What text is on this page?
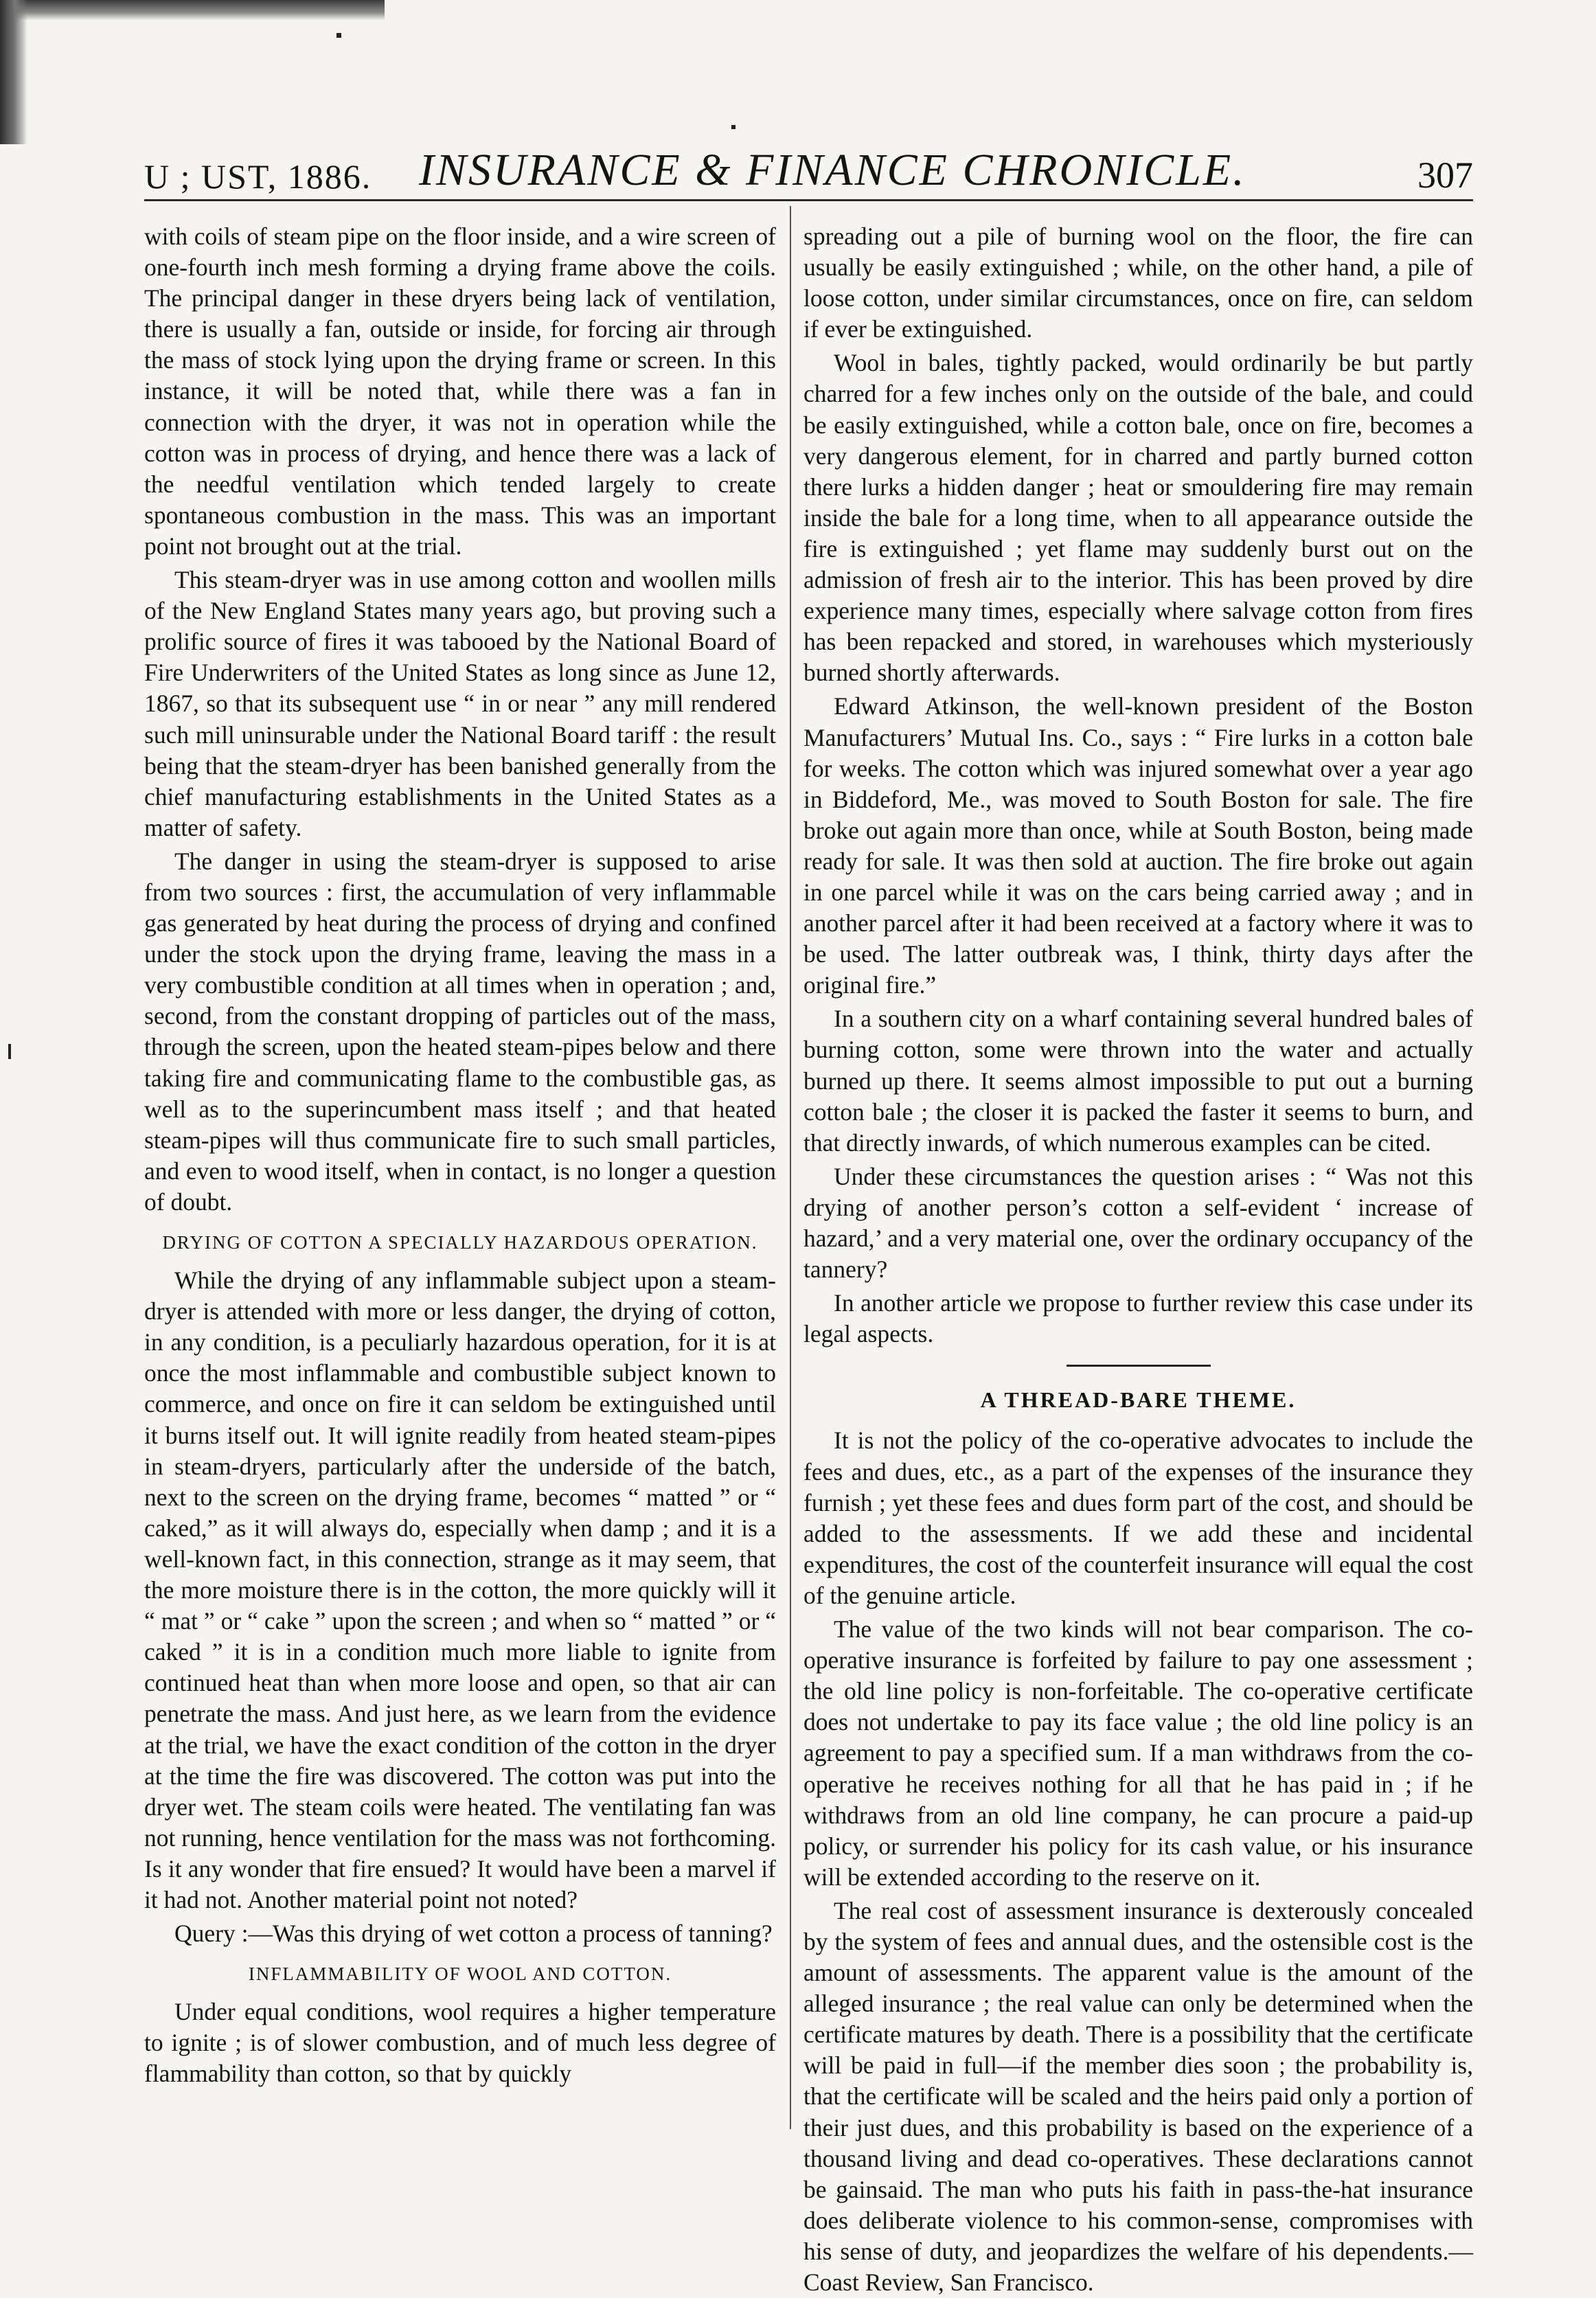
U ; UST, 1886. INSURANCE & FINANCE CHRONICLE.	307

with coils of steam pipe on the floor inside, and a wire screen of one-fourth inch mesh forming a drying frame above the coils. The principal danger in these dryers being lack of ventilation, there is usually a fan, outside or inside, for forcing air through the mass of stock lying upon the drying frame or screen. In this instance, it will be noted that, while there was a fan in connection with the dryer, it was not in operation while the cotton was in process of drying, and hence there was a lack of the needful ventilation which tended largely to create spontaneous combustion in the mass. This was an important point not brought out at the trial.

This steam-dryer was in use among cotton and woollen mills of the New England States many years ago, but proving such a prolific source of fires it was tabooed by the National Board of Fire Underwriters of the United States as long since as June 12, 1867, so that its subsequent use “ in or near ” any mill rendered such mill uninsurable under the National Board tariff : the result being that the steam-dryer has been banished generally from the chief manufacturing establishments in the United States as a matter of safety.

The danger in using the steam-dryer is supposed to arise from two sources : first, the accumulation of very inflammable gas generated by heat during the process of drying and confined under the stock upon the drying frame, leaving the mass in a very combustible condition at all times when in operation ; and, second, from the constant dropping of particles out of the mass, through the screen, upon the heated steam-pipes below and there taking fire and communicating flame to the combustible gas, as well as to the superincumbent mass itself ; and that heated steam-pipes will thus communicate fire to such small particles, and even to wood itself, when in contact, is no longer a question of doubt.

DRYING OF COTTON A SPECIALLY HAZARDOUS OPERATION.

While the drying of any inflammable subject upon a steam-dryer is attended with more or less danger, the drying of cotton, in any condition, is a peculiarly hazardous operation, for it is at once the most inflammable and combustible subject known to commerce, and once on fire it can seldom be extinguished until it burns itself out. It will ignite readily from heated steam-pipes in steam-dryers, particularly after the underside of the batch, next to the screen on the drying frame, becomes “ matted ” or “ caked,” as it will always do, especially when damp ; and it is a well-known fact, in this connection, strange as it may seem, that the more moisture there is in the cotton, the more quickly will it “ mat ” or “ cake ” upon the screen ; and when so “ matted ” or “ caked ” it is in a condition much more liable to ignite from continued heat than when more loose and open, so that air can penetrate the mass. And just here, as we learn from the evidence at the trial, we have the exact condition of the cotton in the dryer at the time the fire was discovered. The cotton was put into the dryer wet. The steam coils were heated. The ventilating fan was not running, hence ventilation for the mass was not forthcoming. Is it any wonder that fire ensued? It would have been a marvel if it had not. Another material point not noted?

Query :—Was this drying of wet cotton a process of tanning?

INFLAMMABILITY OF WOOL AND COTTON.

Under equal conditions, wool requires a higher temperature to ignite ; is of slower combustion, and of much less degree of flammability than cotton, so that by quickly

spreading out a pile of burning wool on the floor, the fire can usually be easily extinguished ; while, on the other hand, a pile of loose cotton, under similar circumstances, once on fire, can seldom if ever be extinguished.

Wool in bales, tightly packed, would ordinarily be but partly charred for a few inches only on the outside of the bale, and could be easily extinguished, while a cotton bale, once on fire, becomes a very dangerous element, for in charred and partly burned cotton there lurks a hidden danger ; heat or smouldering fire may remain inside the bale for a long time, when to all appearance outside the fire is extinguished ; yet flame may suddenly burst out on the admission of fresh air to the interior. This has been proved by dire experience many times, especially where salvage cotton from fires has been repacked and stored, in warehouses which mysteriously burned shortly afterwards.

Edward Atkinson, the well-known president of the Boston Manufacturers’ Mutual Ins. Co., says : “ Fire lurks in a cotton bale for weeks. The cotton which was injured somewhat over a year ago in Biddeford, Me., was moved to South Boston for sale. The fire broke out again more than once, while at South Boston, being made ready for sale. It was then sold at auction. The fire broke out again in one parcel while it was on the cars being carried away ; and in another parcel after it had been received at a factory where it was to be used. The latter outbreak was, I think, thirty days after the original fire.”

In a southern city on a wharf containing several hundred bales of burning cotton, some were thrown into the water and actually burned up there. It seems almost impossible to put out a burning cotton bale ; the closer it is packed the faster it seems to burn, and that directly inwards, of which numerous examples can be cited.

Under these circumstances the question arises : “ Was not this drying of another person’s cotton a self-evident ‘ increase of hazard,’ and a very material one, over the ordinary occupancy of the tannery?

In another article we propose to further review this case under its legal aspects.

A THREAD-BARE THEME.

It is not the policy of the co-operative advocates to include the fees and dues, etc., as a part of the expenses of the insurance they furnish ; yet these fees and dues form part of the cost, and should be added to the assessments. If we add these and incidental expenditures, the cost of the counterfeit insurance will equal the cost of the genuine article.

The value of the two kinds will not bear comparison. The co-operative insurance is forfeited by failure to pay one assessment ; the old line policy is non-forfeitable. The co-operative certificate does not undertake to pay its face value ; the old line policy is an agreement to pay a specified sum. If a man withdraws from the co-operative he receives nothing for all that he has paid in ; if he withdraws from an old line company, he can procure a paid-up policy, or surrender his policy for its cash value, or his insurance will be extended according to the reserve on it.

The real cost of assessment insurance is dexterously concealed by the system of fees and annual dues, and the ostensible cost is the amount of assessments. The apparent value is the amount of the alleged insurance ; the real value can only be determined when the certificate matures by death. There is a possibility that the certificate will be paid in full—if the member dies soon ; the probability is, that the certificate will be scaled and the heirs paid only a portion of their just dues, and this probability is based on the experience of a thousand living and dead co-operatives. These declarations cannot be gainsaid. The man who puts his faith in pass-the-hat insurance does deliberate violence to his common-sense, compromises with his sense of duty, and jeopardizes the welfare of his dependents.—Coast Review, San Francisco.
